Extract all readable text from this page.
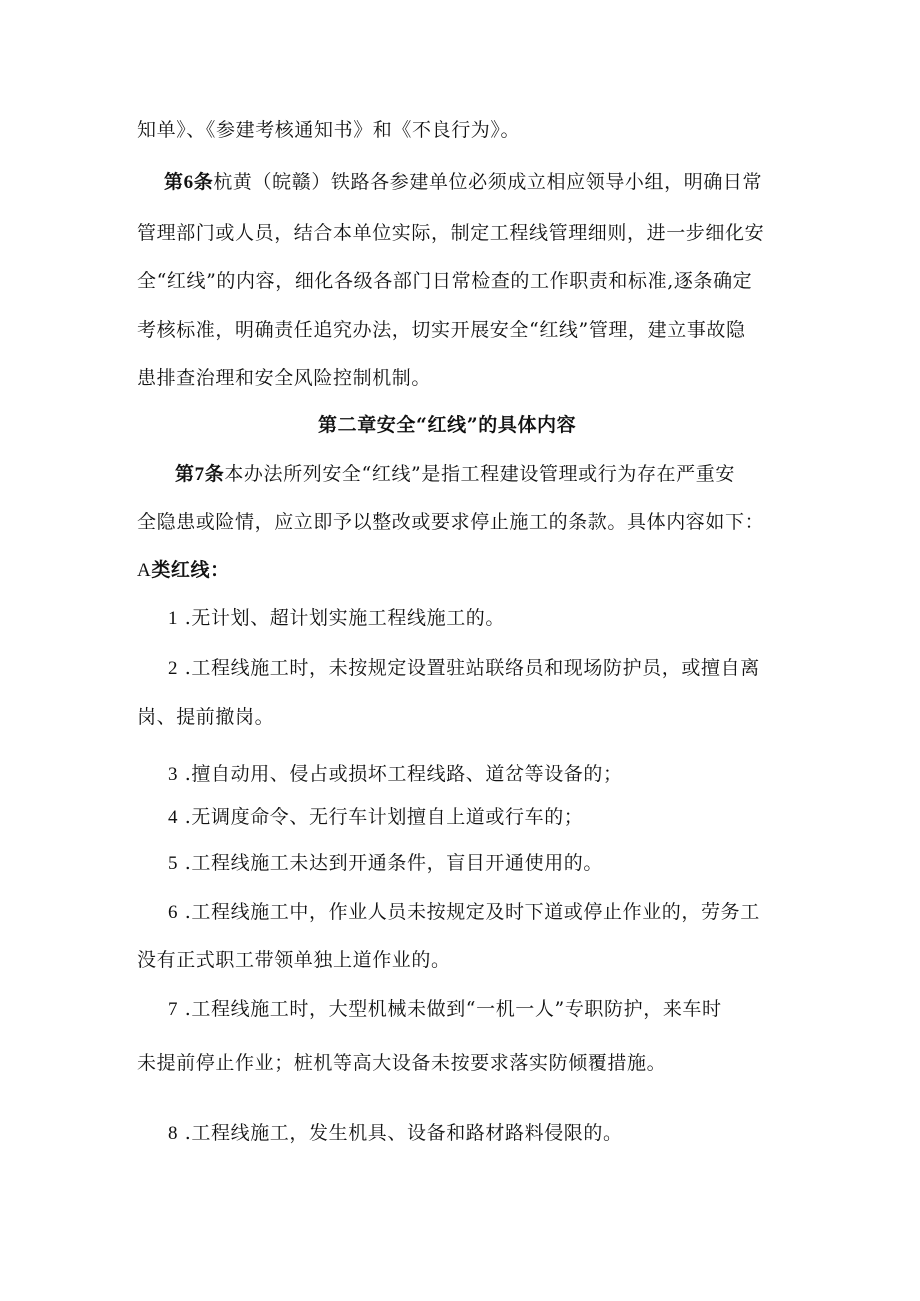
知单》、《参建考核通知书》和《不良行为》。
第6条杭黄（皖赣）铁路各参建单位必须成立相应领导小组，明确日常
管理部门或人员，结合本单位实际，制定工程线管理细则，进一步细化安
全“红线”的内容，细化各级各部门日常检查的工作职责和标准,逐条确定
考核标准，明确责任追究办法，切实开展安全“红线”管理，建立事故隐
患排查治理和安全风险控制机制。
第二章安全“红线”的具体内容
第7条本办法所列安全“红线”是指工程建设管理或行为存在严重安
全隐患或险情，应立即予以整改或要求停止施工的条款。具体内容如下：
A类红线：
1 .无计划、超计划实施工程线施工的。
2 .工程线施工时，未按规定设置驻站联络员和现场防护员，或擅自离
岗、提前撤岗。
3 .擅自动用、侵占或损坏工程线路、道岔等设备的；
4 .无调度命令、无行车计划擅自上道或行车的；
5 .工程线施工未达到开通条件，盲目开通使用的。
6 .工程线施工中，作业人员未按规定及时下道或停止作业的，劳务工
没有正式职工带领单独上道作业的。
7 .工程线施工时，大型机械未做到“一机一人”专职防护，来车时
未提前停止作业；桩机等高大设备未按要求落实防倾覆措施。
8 .工程线施工，发生机具、设备和路材路料侵限的。
